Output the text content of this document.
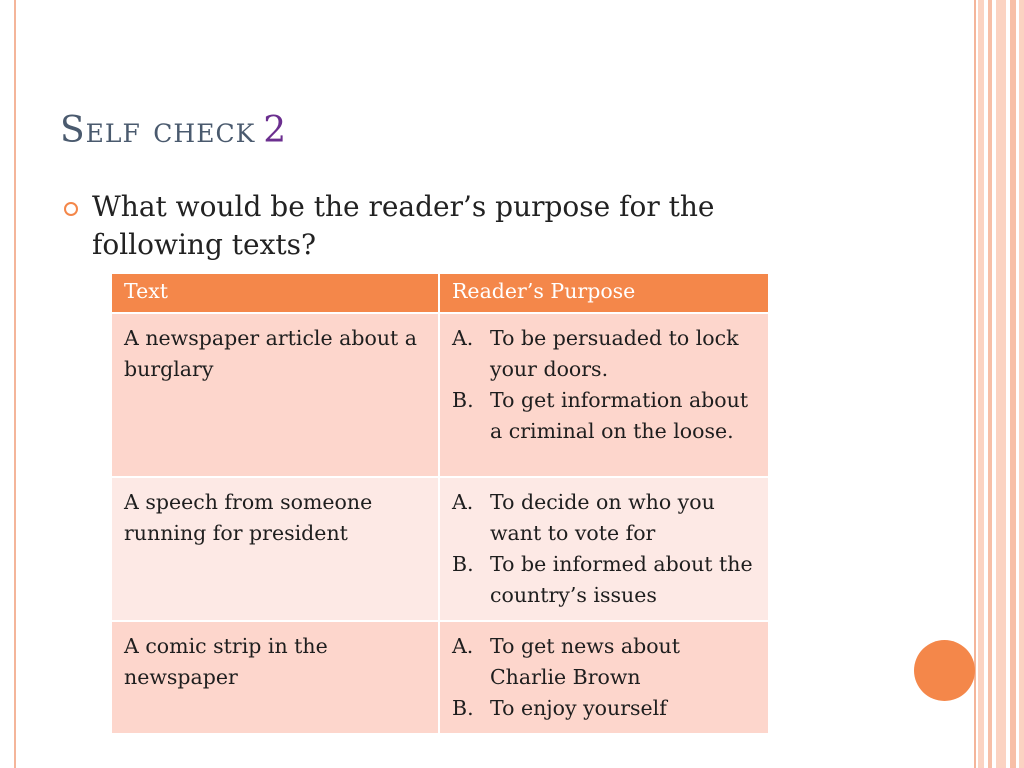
Self check 2
What would be the reader’s purpose for the following texts?
Text	Reader’s Purpose
A newspaper article about a burglary	A. To be persuaded to lock your doors.
B. To get information about a criminal on the loose.

A speech from someone running for president	A. To decide on who you want to vote for
B. To be informed about the country’s issues

A comic strip in the newspaper	A. To get news about Charlie Brown
B. To enjoy yourself
